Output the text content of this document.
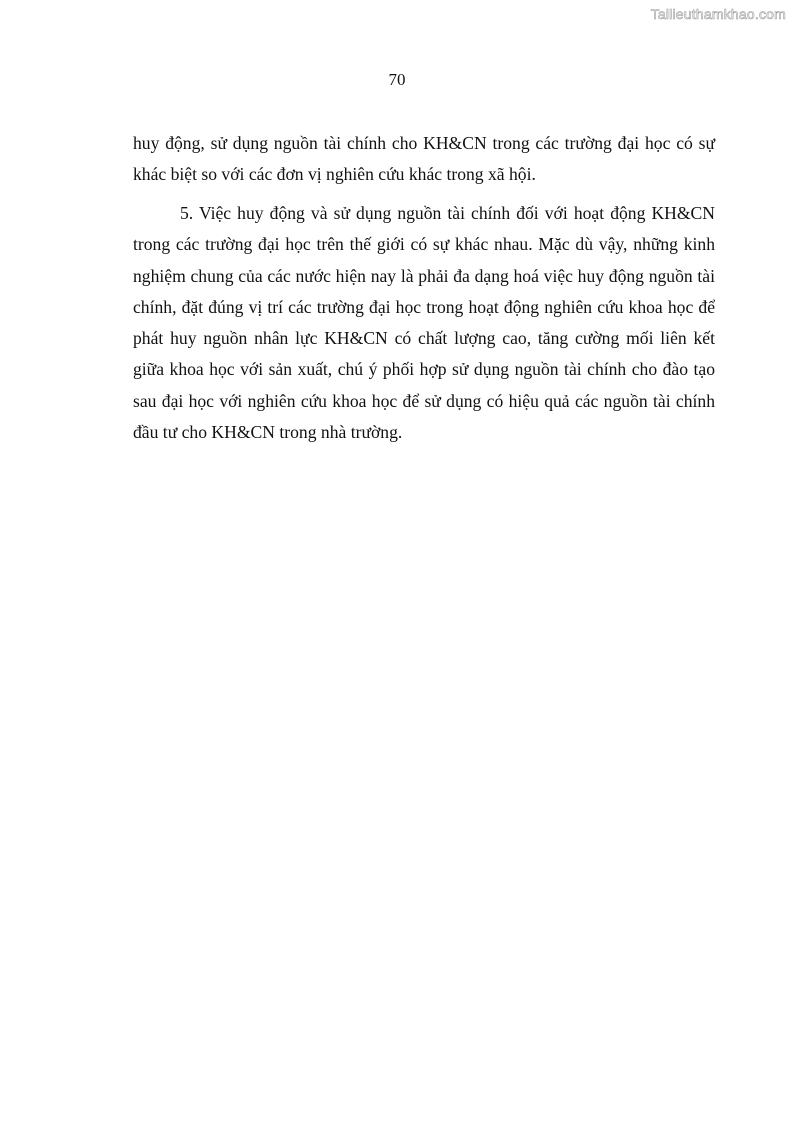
Tailieuthamkhao.com
70

huy động, sử dụng nguồn tài chính cho KH&CN trong các trường đại học có sự khác biệt so với các đơn vị nghiên cứu khác trong xã hội.

5. Việc huy động và sử dụng nguồn tài chính đối với hoạt động KH&CN trong các trường đại học trên thế giới có sự khác nhau. Mặc dù vậy, những kinh nghiệm chung của các nước hiện nay là phải đa dạng hoá việc huy động nguồn tài chính, đặt đúng vị trí các trường đại học trong hoạt động nghiên cứu khoa học để phát huy nguồn nhân lực KH&CN có chất lượng cao, tăng cường mối liên kết giữa khoa học với sản xuất, chú ý phối hợp sử dụng nguồn tài chính cho đào tạo sau đại học với nghiên cứu khoa học để sử dụng có hiệu quả các nguồn tài chính đầu tư cho KH&CN trong nhà trường.
